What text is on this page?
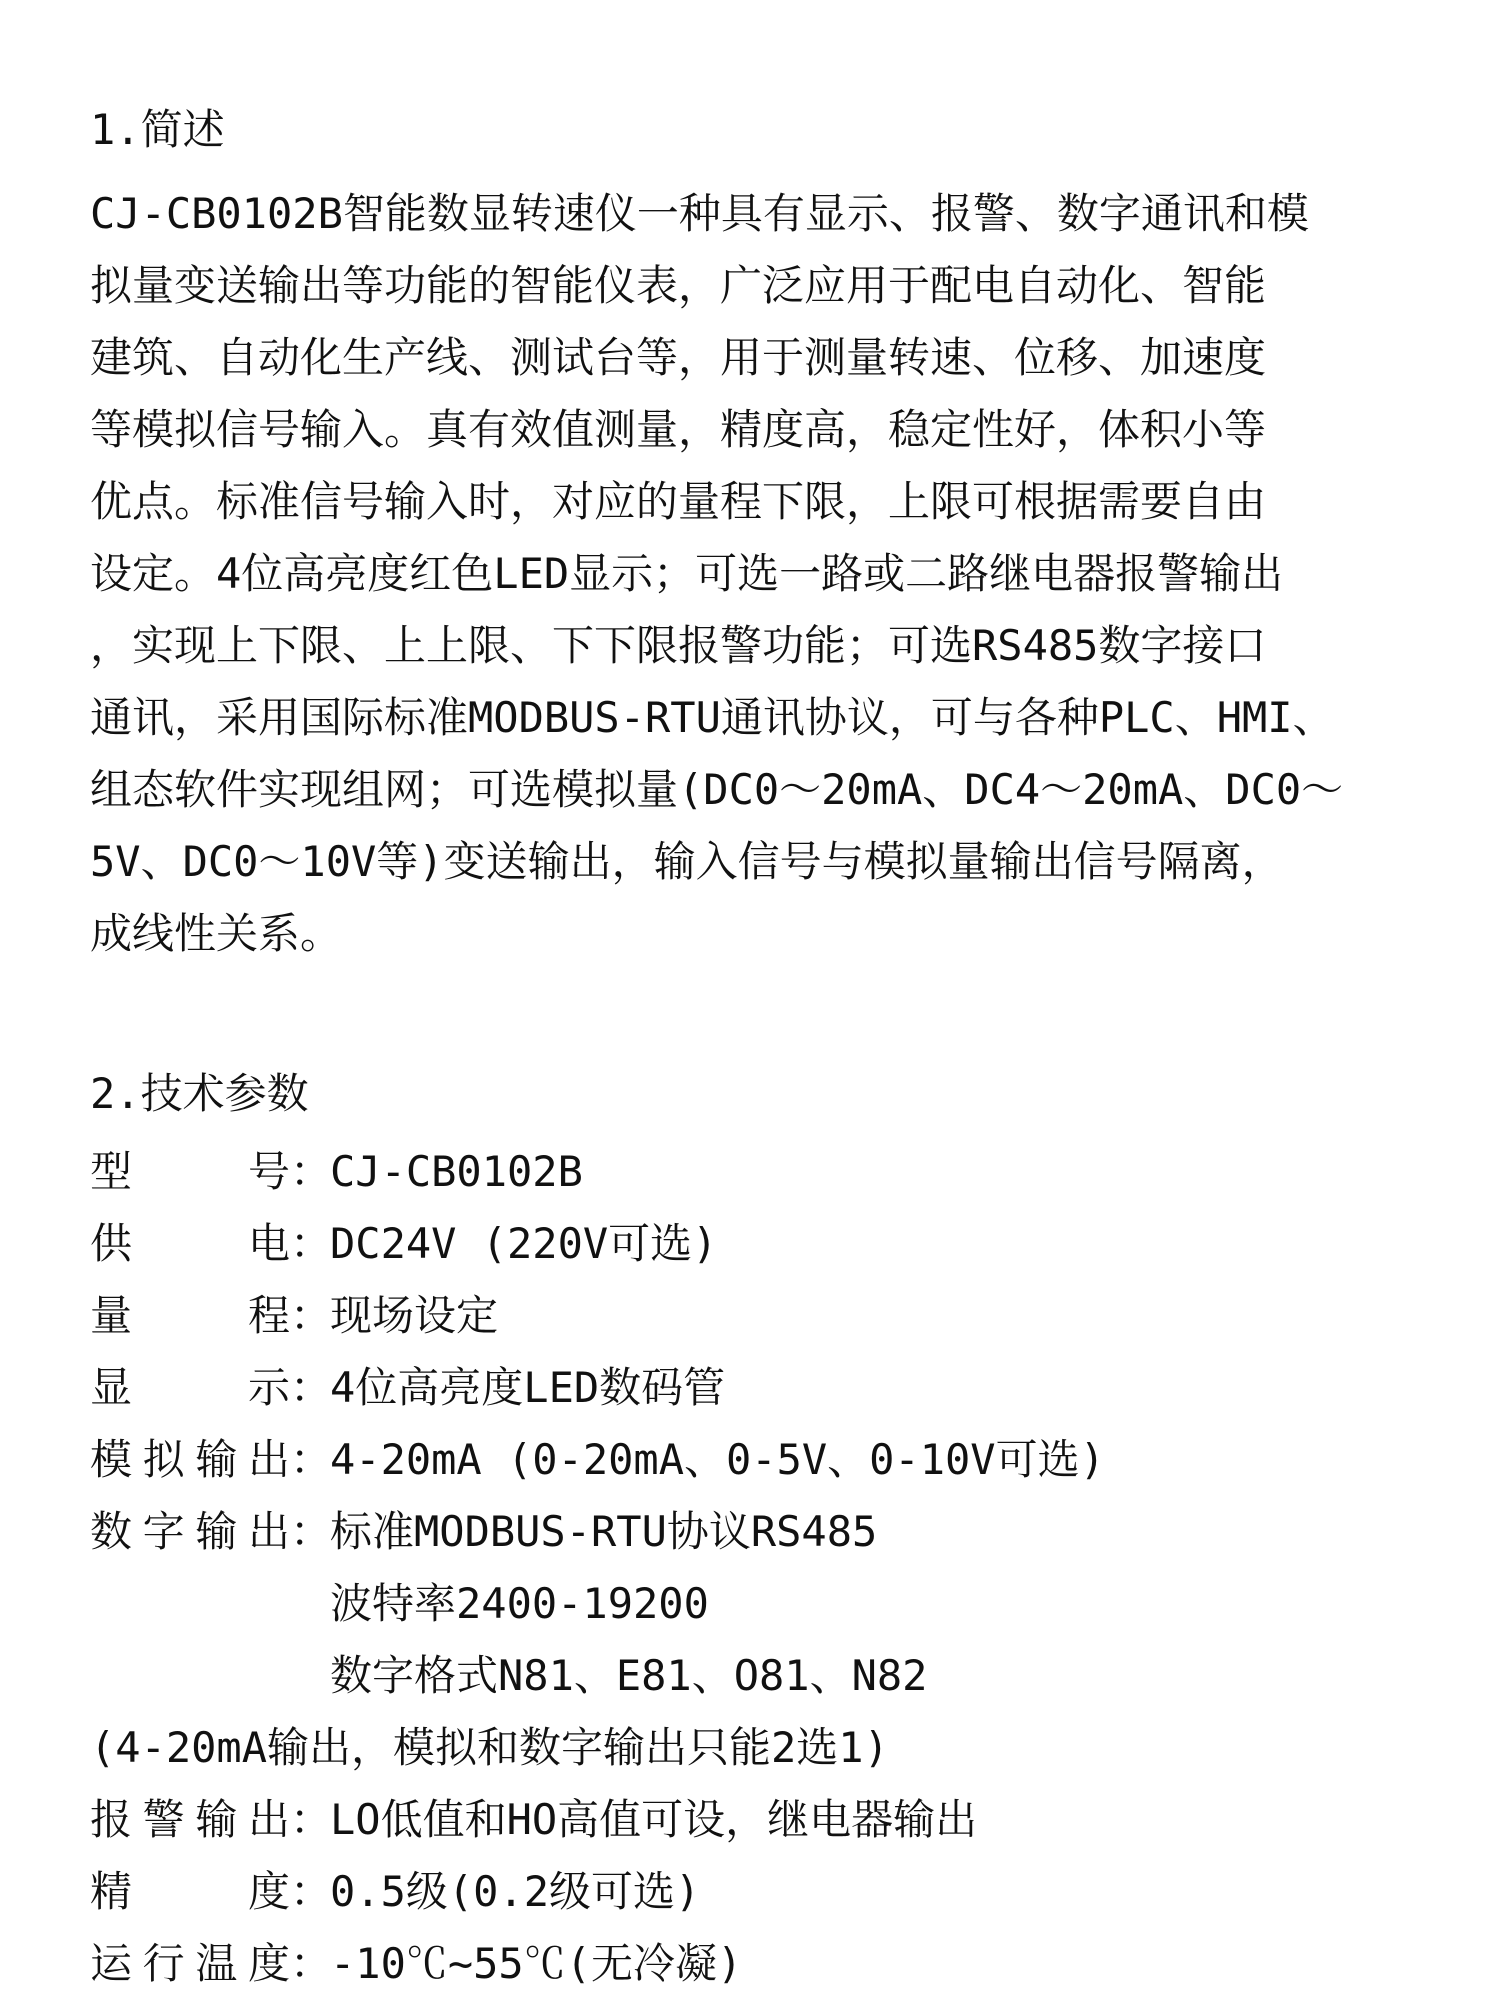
1.简述

CJ-CB0102B智能数显转速仪一种具有显示、报警、数字通讯和模

拟量变送输出等功能的智能仪表，广泛应用于配电自动化、智能

建筑、自动化生产线、测试台等，用于测量转速、位移、加速度

等模拟信号输入。真有效值测量，精度高，稳定性好，体积小等

优点。标准信号输入时，对应的量程下限，上限可根据需要自由

设定。4位高亮度红色LED显示；可选一路或二路继电器报警输出

，实现上下限、上上限、下下限报警功能；可选RS485数字接口

通讯，采用国际标准MODBUS-RTU通讯协议，可与各种PLC、HMI、

组态软件实现组网；可选模拟量(DC0～20mA、DC4～20mA、DC0～

5V、DC0～10V等)变送输出，输入信号与模拟量输出信号隔离，

成线性关系。

2.技术参数
型	号 ：
CJ-CB0102B
供	电 ：
DC24V (220V可选)
量	程 ：
现场设定
显	示 ：
4位高亮度LED数码管
模 拟 输 出 ：
4-20mA (0-20mA、0-5V、0-10V可选)
数 字 输 出 ：
标准MODBUS-RTU协议RS485
波特率2400-19200
数字格式N81、E81、O81、N82
(4-20mA输出，模拟和数字输出只能2选1)
报 警 输 出 ：
LO低值和HO高值可设，继电器输出
精	度 ：
0.5级(0.2级可选)
运 行 温 度 ：
-10℃~55℃(无冷凝)
